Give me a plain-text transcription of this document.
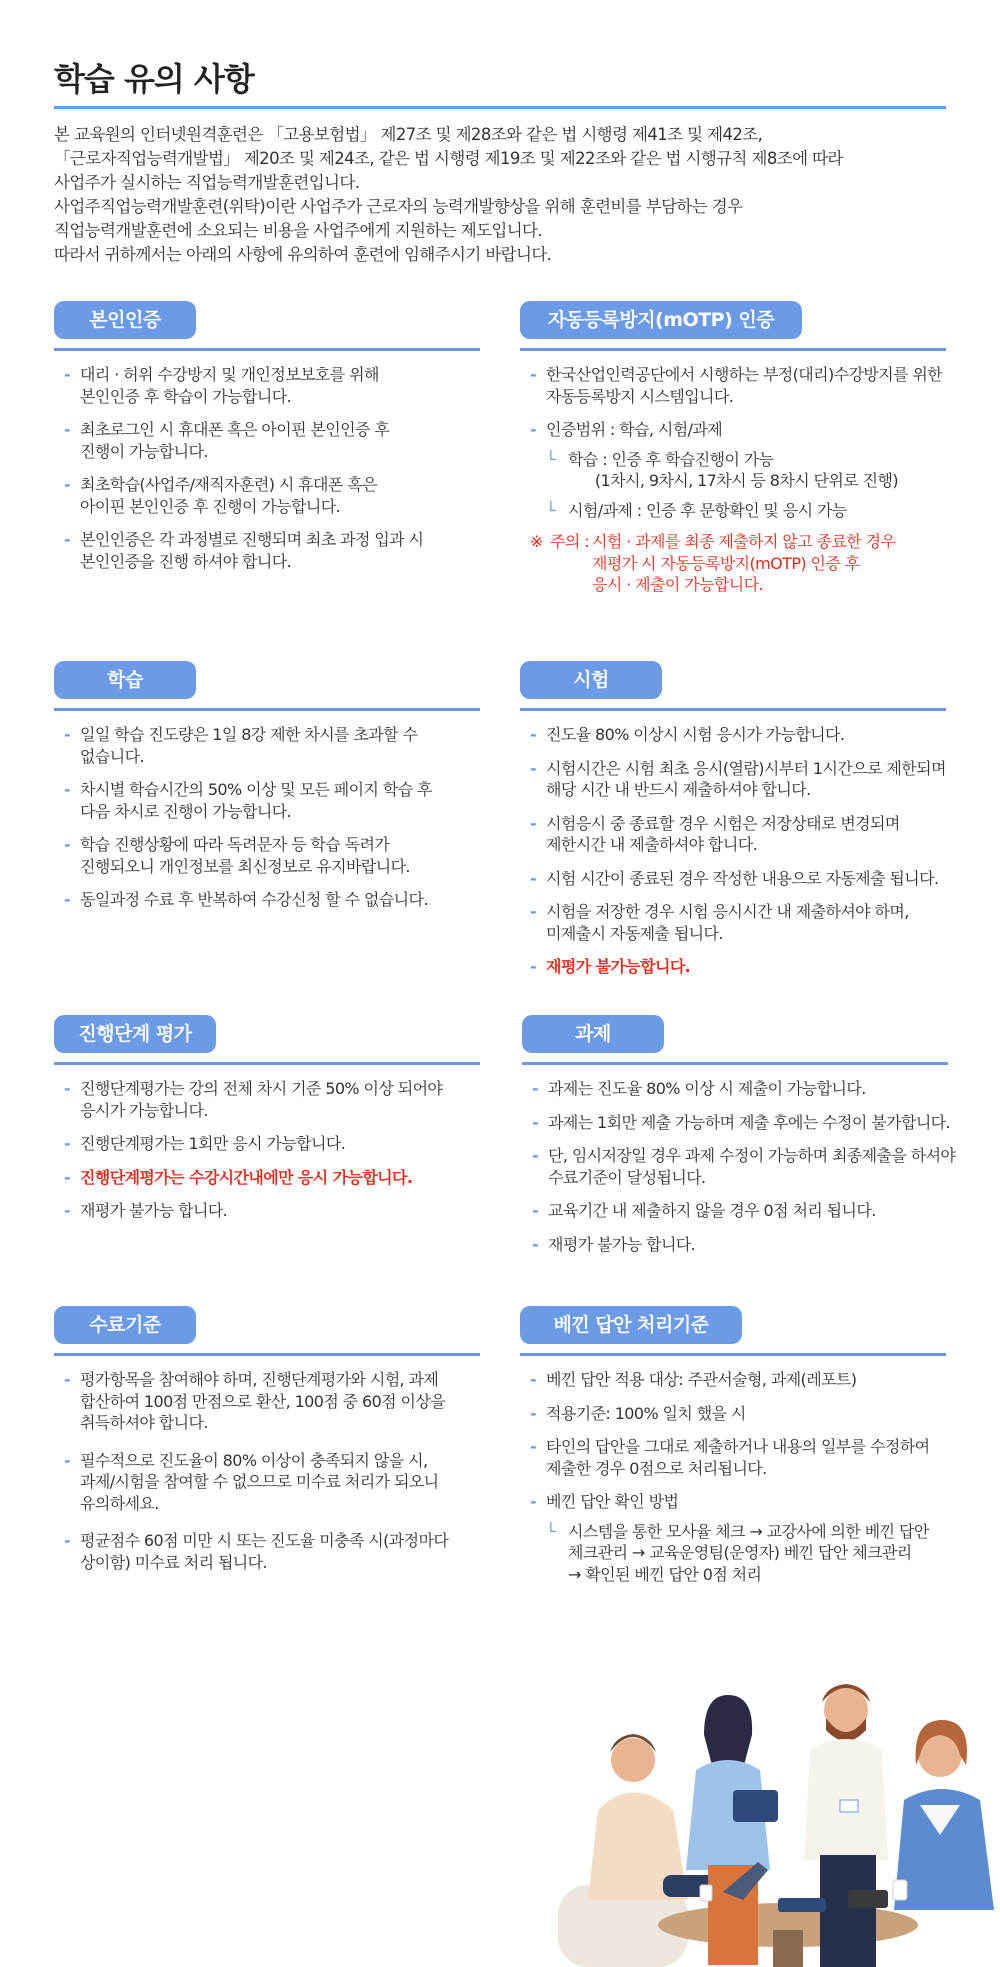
학습 유의 사항
본 교육원의 인터넷원격훈련은 「고용보험법」 제27조 및 제28조와 같은 법 시행령 제41조 및 제42조,
「근로자직업능력개발법」 제20조 및 제24조, 같은 법 시행령 제19조 및 제22조와 같은 법 시행규칙 제8조에 따라
사업주가 실시하는 직업능력개발훈련입니다.
사업주직업능력개발훈련(위탁)이란 사업주가 근로자의 능력개발향상을 위해 훈련비를 부담하는 경우
직업능력개발훈련에 소요되는 비용을 사업주에게 지원하는 제도입니다.
따라서 귀하께서는 아래의 사항에 유의하여 훈련에 임해주시기 바랍니다.
본인인증
- 대리 · 허위 수강방지 및 개인정보보호를 위해
본인인증 후 학습이 가능합니다.
- 최초로그인 시 휴대폰 혹은 아이핀 본인인증 후
진행이 가능합니다.
- 최초학습(사업주/재직자훈련) 시 휴대폰 혹은
아이핀 본인인증 후 진행이 가능합니다.
- 본인인증은 각 과정별로 진행되며 최초 과정 입과 시
본인인증을 진행 하셔야 합니다.
자동등록방지(mOTP) 인증
- 한국산업인력공단에서 시행하는 부정(대리)수강방지를 위한
자동등록방지 시스템입니다.
- 인증범위 : 학습, 시험/과제
└ 학습 : 인증 후 학습진행이 가능
(1차시, 9차시, 17차시 등 8차시 단위로 진행)
└ 시험/과제 : 인증 후 문항확인 및 응시 가능
※ 주의 : 시험 · 과제를 최종 제출하지 않고 종료한 경우
재평가 시 자동등록방지(mOTP) 인증 후
응시 · 제출이 가능합니다.
학습
- 일일 학습 진도량은 1일 8강 제한 차시를 초과할 수
없습니다.
- 차시별 학습시간의 50% 이상 및 모든 페이지 학습 후
다음 차시로 진행이 가능합니다.
- 학습 진행상황에 따라 독려문자 등 학습 독려가
진행되오니 개인정보를 최신정보로 유지바랍니다.
- 동일과정 수료 후 반복하여 수강신청 할 수 없습니다.
시험
- 진도율 80% 이상시 시험 응시가 가능합니다.
- 시험시간은 시험 최초 응시(열람)시부터 1시간으로 제한되며
해당 시간 내 반드시 제출하셔야 합니다.
- 시험응시 중 종료할 경우 시험은 저장상태로 변경되며
제한시간 내 제출하셔야 합니다.
- 시험 시간이 종료된 경우 작성한 내용으로 자동제출 됩니다.
- 시험을 저장한 경우 시험 응시시간 내 제출하셔야 하며,
미제출시 자동제출 됩니다.
- 재평가 불가능합니다.
진행단계 평가
- 진행단계평가는 강의 전체 차시 기준 50% 이상 되어야
응시가 가능합니다.
- 진행단계평가는 1회만 응시 가능합니다.
- 진행단계평가는 수강시간내에만 응시 가능합니다.
- 재평가 불가능 합니다.
과제
- 과제는 진도율 80% 이상 시 제출이 가능합니다.
- 과제는 1회만 제출 가능하며 제출 후에는 수정이 불가합니다.
- 단, 임시저장일 경우 과제 수정이 가능하며 최종제출을 하셔야
수료기준이 달성됩니다.
- 교육기간 내 제출하지 않을 경우 0점 처리 됩니다.
- 재평가 불가능 합니다.
수료기준
- 평가항목을 참여해야 하며, 진행단계평가와 시험, 과제
합산하여 100점 만점으로 환산, 100점 중 60점 이상을
취득하셔야 합니다.
- 필수적으로 진도율이 80% 이상이 충족되지 않을 시,
과제/시험을 참여할 수 없으므로 미수료 처리가 되오니
유의하세요.
- 평균점수 60점 미만 시 또는 진도율 미충족 시(과정마다
상이함) 미수료 처리 됩니다.
베낀 답안 처리기준
- 베낀 답안 적용 대상: 주관서술형, 과제(레포트)
- 적용기준: 100% 일치 했을 시
- 타인의 답안을 그대로 제출하거나 내용의 일부를 수정하여
제출한 경우 0점으로 처리됩니다.
- 베낀 답안 확인 방법
└ 시스템을 통한 모사율 체크 → 교강사에 의한 베낀 답안
체크관리 → 교육운영팀(운영자) 베낀 답안 체크관리
→ 확인된 베낀 답안 0점 처리
